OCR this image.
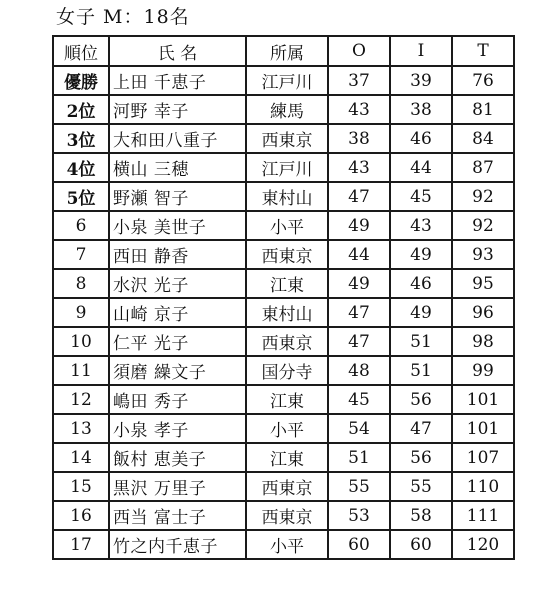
女子 M：18名
順位	氏 名	所属	O	I	T
優勝	上田 千恵子	江戸川	37	39	76
2位	河野 幸子	練馬	43	38	81
3位	大和田八重子	西東京	38	46	84
4位	横山 三穂	江戸川	43	44	87
5位	野瀬 智子	東村山	47	45	92
6	小泉 美世子	小平	49	43	92
7	西田 静香	西東京	44	49	93
8	水沢 光子	江東	49	46	95
9	山崎 京子	東村山	47	49	96
10	仁平 光子	西東京	47	51	98
11	須磨 繰文子	国分寺	48	51	99
12	嶋田 秀子	江東	45	56	101
13	小泉 孝子	小平	54	47	101
14	飯村 恵美子	江東	51	56	107
15	黒沢 万里子	西東京	55	55	110
16	西当 富士子	西東京	53	58	111
17	竹之内千恵子	小平	60	60	120
